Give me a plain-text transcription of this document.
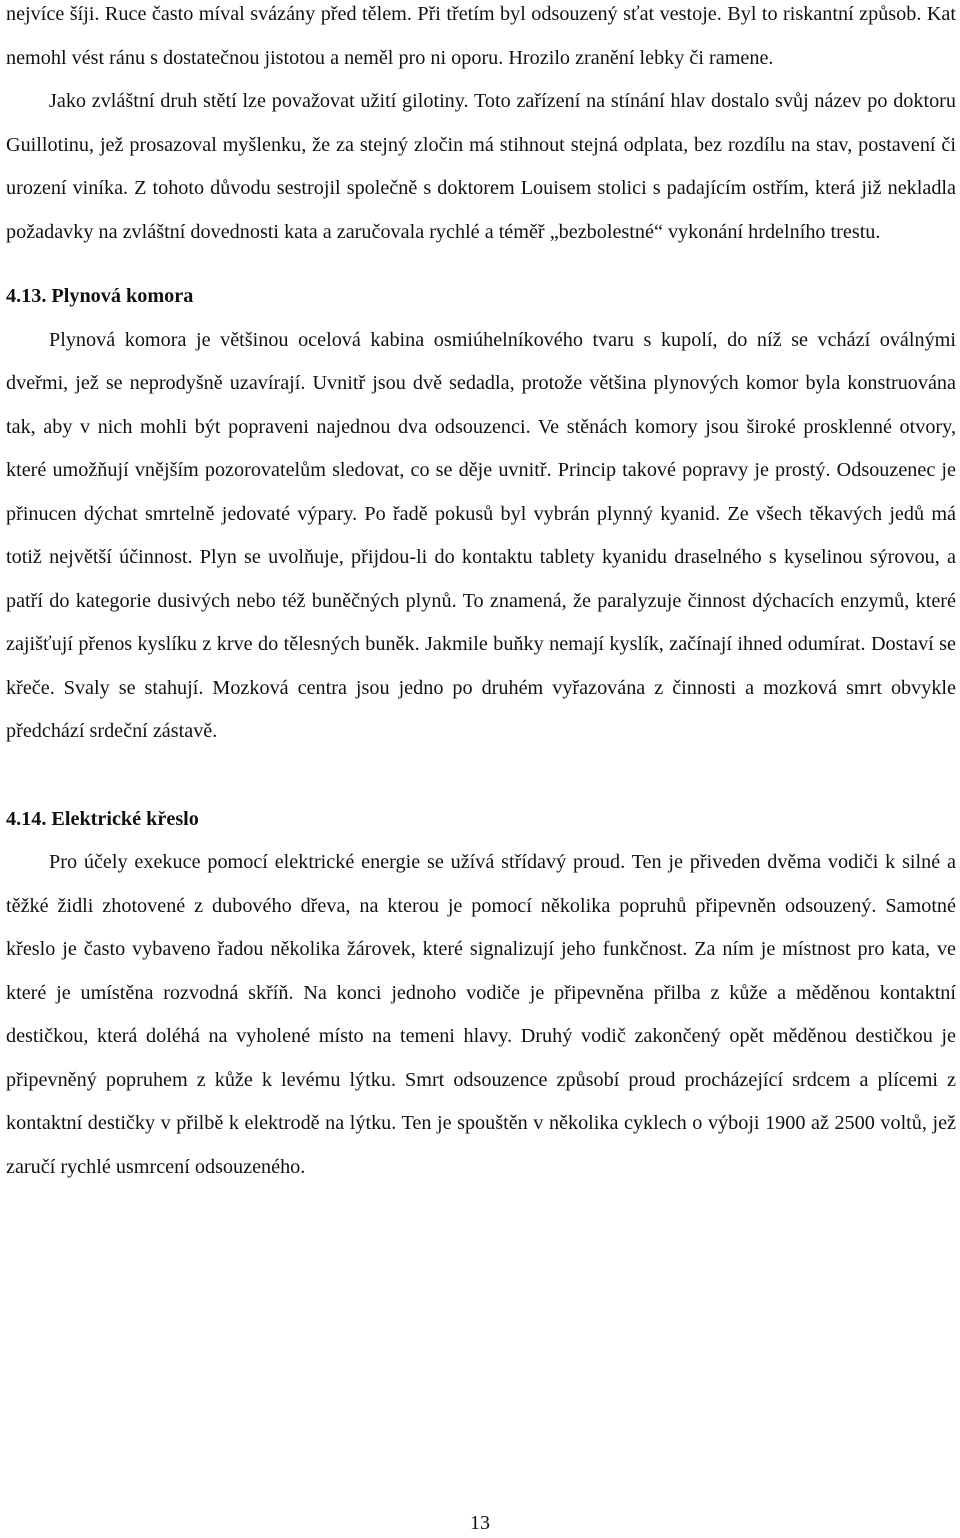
nejvíce šíji. Ruce často míval svázány před tělem. Při třetím byl odsouzený sťat vestoje. Byl to riskantní způsob. Kat nemohl vést ránu s dostatečnou jistotou a neměl pro ni oporu. Hrozilo zranění lebky či ramene.

Jako zvláštní druh stětí lze považovat užití gilotiny. Toto zařízení na stínání hlav dostalo svůj název po doktoru Guillotinu, jež prosazoval myšlenku, že za stejný zločin má stihnout stejná odplata, bez rozdílu na stav, postavení či urození viníka. Z tohoto důvodu sestrojil společně s doktorem Louisem stolici s padajícím ostřím, která již nekladla požadavky na zvláštní dovednosti kata a zaručovala rychlé a téměř „bezbolestné“ vykonání hrdelního trestu.

4.13. Plynová komora

Plynová komora je většinou ocelová kabina osmiúhelníkového tvaru s kupolí, do níž se vchází oválnými dveřmi, jež se neprodyšně uzavírají. Uvnitř jsou dvě sedadla, protože většina plynových komor byla konstruována tak, aby v nich mohli být popraveni najednou dva odsouzenci. Ve stěnách komory jsou široké prosklenné otvory, které umožňují vnějším pozorovatelům sledovat, co se děje uvnitř. Princip takové popravy je prostý. Odsouzenec je přinucen dýchat smrtelně jedovaté výpary. Po řadě pokusů byl vybrán plynný kyanid. Ze všech těkavých jedů má totiž největší účinnost. Plyn se uvolňuje, přijdou-li do kontaktu tablety kyanidu draselného s kyselinou sýrovou, a patří do kategorie dusivých nebo též buněčných plynů. To znamená, že paralyzuje činnost dýchacích enzymů, které zajišťují přenos kyslíku z krve do tělesných buněk. Jakmile buňky nemají kyslík, začínají ihned odumírat. Dostaví se křeče. Svaly se stahují. Mozková centra jsou jedno po druhém vyřazována z činnosti a mozková smrt obvykle předchází srdeční zástavě.

4.14. Elektrické křeslo

Pro účely exekuce pomocí elektrické energie se užívá střídavý proud. Ten je přiveden dvěma vodiči k silné a těžké židli zhotovené z dubového dřeva, na kterou je pomocí několika popruhů připevněn odsouzený. Samotné křeslo je často vybaveno řadou několika žárovek, které signalizují jeho funkčnost. Za ním je místnost pro kata, ve které je umístěna rozvodná skříň. Na konci jednoho vodiče je připevněna přilba z kůže a měděnou kontaktní destičkou, která doléhá na vyholené místo na temeni hlavy. Druhý vodič zakončený opět měděnou destičkou je připevněný popruhem z kůže k levému lýtku. Smrt odsouzence způsobí proud procházející srdcem a plícemi z kontaktní destičky v přilbě k elektrodě na lýtku. Ten je spouštěn v několika cyklech o výboji 1900 až 2500 voltů, jež zaručí rychlé usmrcení odsouzeného.

13
